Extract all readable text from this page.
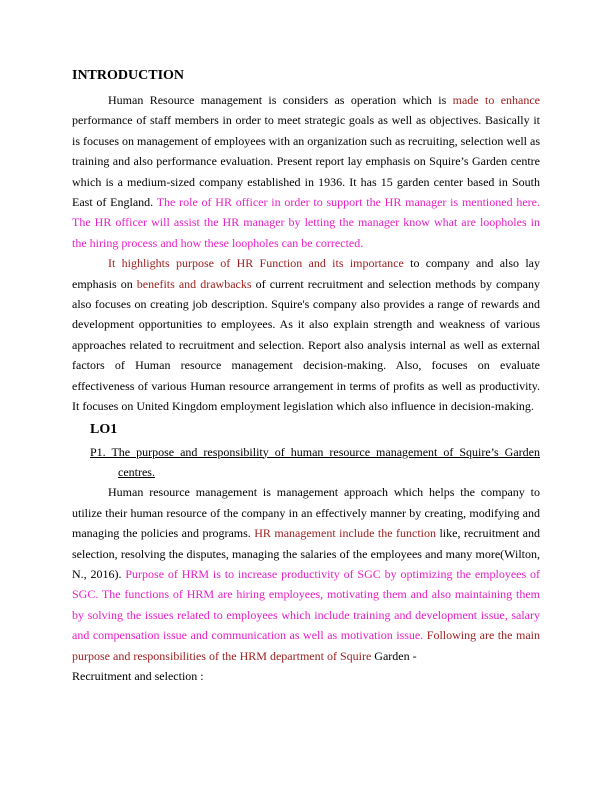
INTRODUCTION

Human Resource management is considers as operation which is made to enhance performance of staff members in order to meet strategic goals as well as objectives. Basically it is focuses on management of employees with an organization such as recruiting, selection well as training and also performance evaluation. Present report lay emphasis on Squire’s Garden centre which is a medium-sized company established in 1936. It has 15 garden center based in South East of England. The role of HR officer in order to support the HR manager is mentioned here. The HR officer will assist the HR manager by letting the manager know what are loopholes in the hiring process and how these loopholes can be corrected.

It highlights purpose of HR Function and its importance to company and also lay emphasis on benefits and drawbacks of current recruitment and selection methods by company also focuses on creating job description. Squire's company also provides a range of rewards and development opportunities to employees. As it also explain strength and weakness of various approaches related to recruitment and selection. Report also analysis internal as well as external factors of Human resource management decision-making. Also, focuses on evaluate effectiveness of various Human resource arrangement in terms of profits as well as productivity. It focuses on United Kingdom employment legislation which also influence in decision-making.

LO1

P1. The purpose and responsibility of human resource management of Squire’s Garden centres.

Human resource management is management approach which helps the company to utilize their human resource of the company in an effectively manner by creating, modifying and managing the policies and programs. HR management include the function like, recruitment and selection, resolving the disputes, managing the salaries of the employees and many more(Wilton, N., 2016). Purpose of HRM is to increase productivity of SGC by optimizing the employees of SGC. The functions of HRM are hiring employees, motivating them and also maintaining them by solving the issues related to employees which include training and development issue, salary and compensation issue and communication as well as motivation issue. Following are the main purpose and responsibilities of the HRM department of Squire Garden -

Recruitment and selection :
